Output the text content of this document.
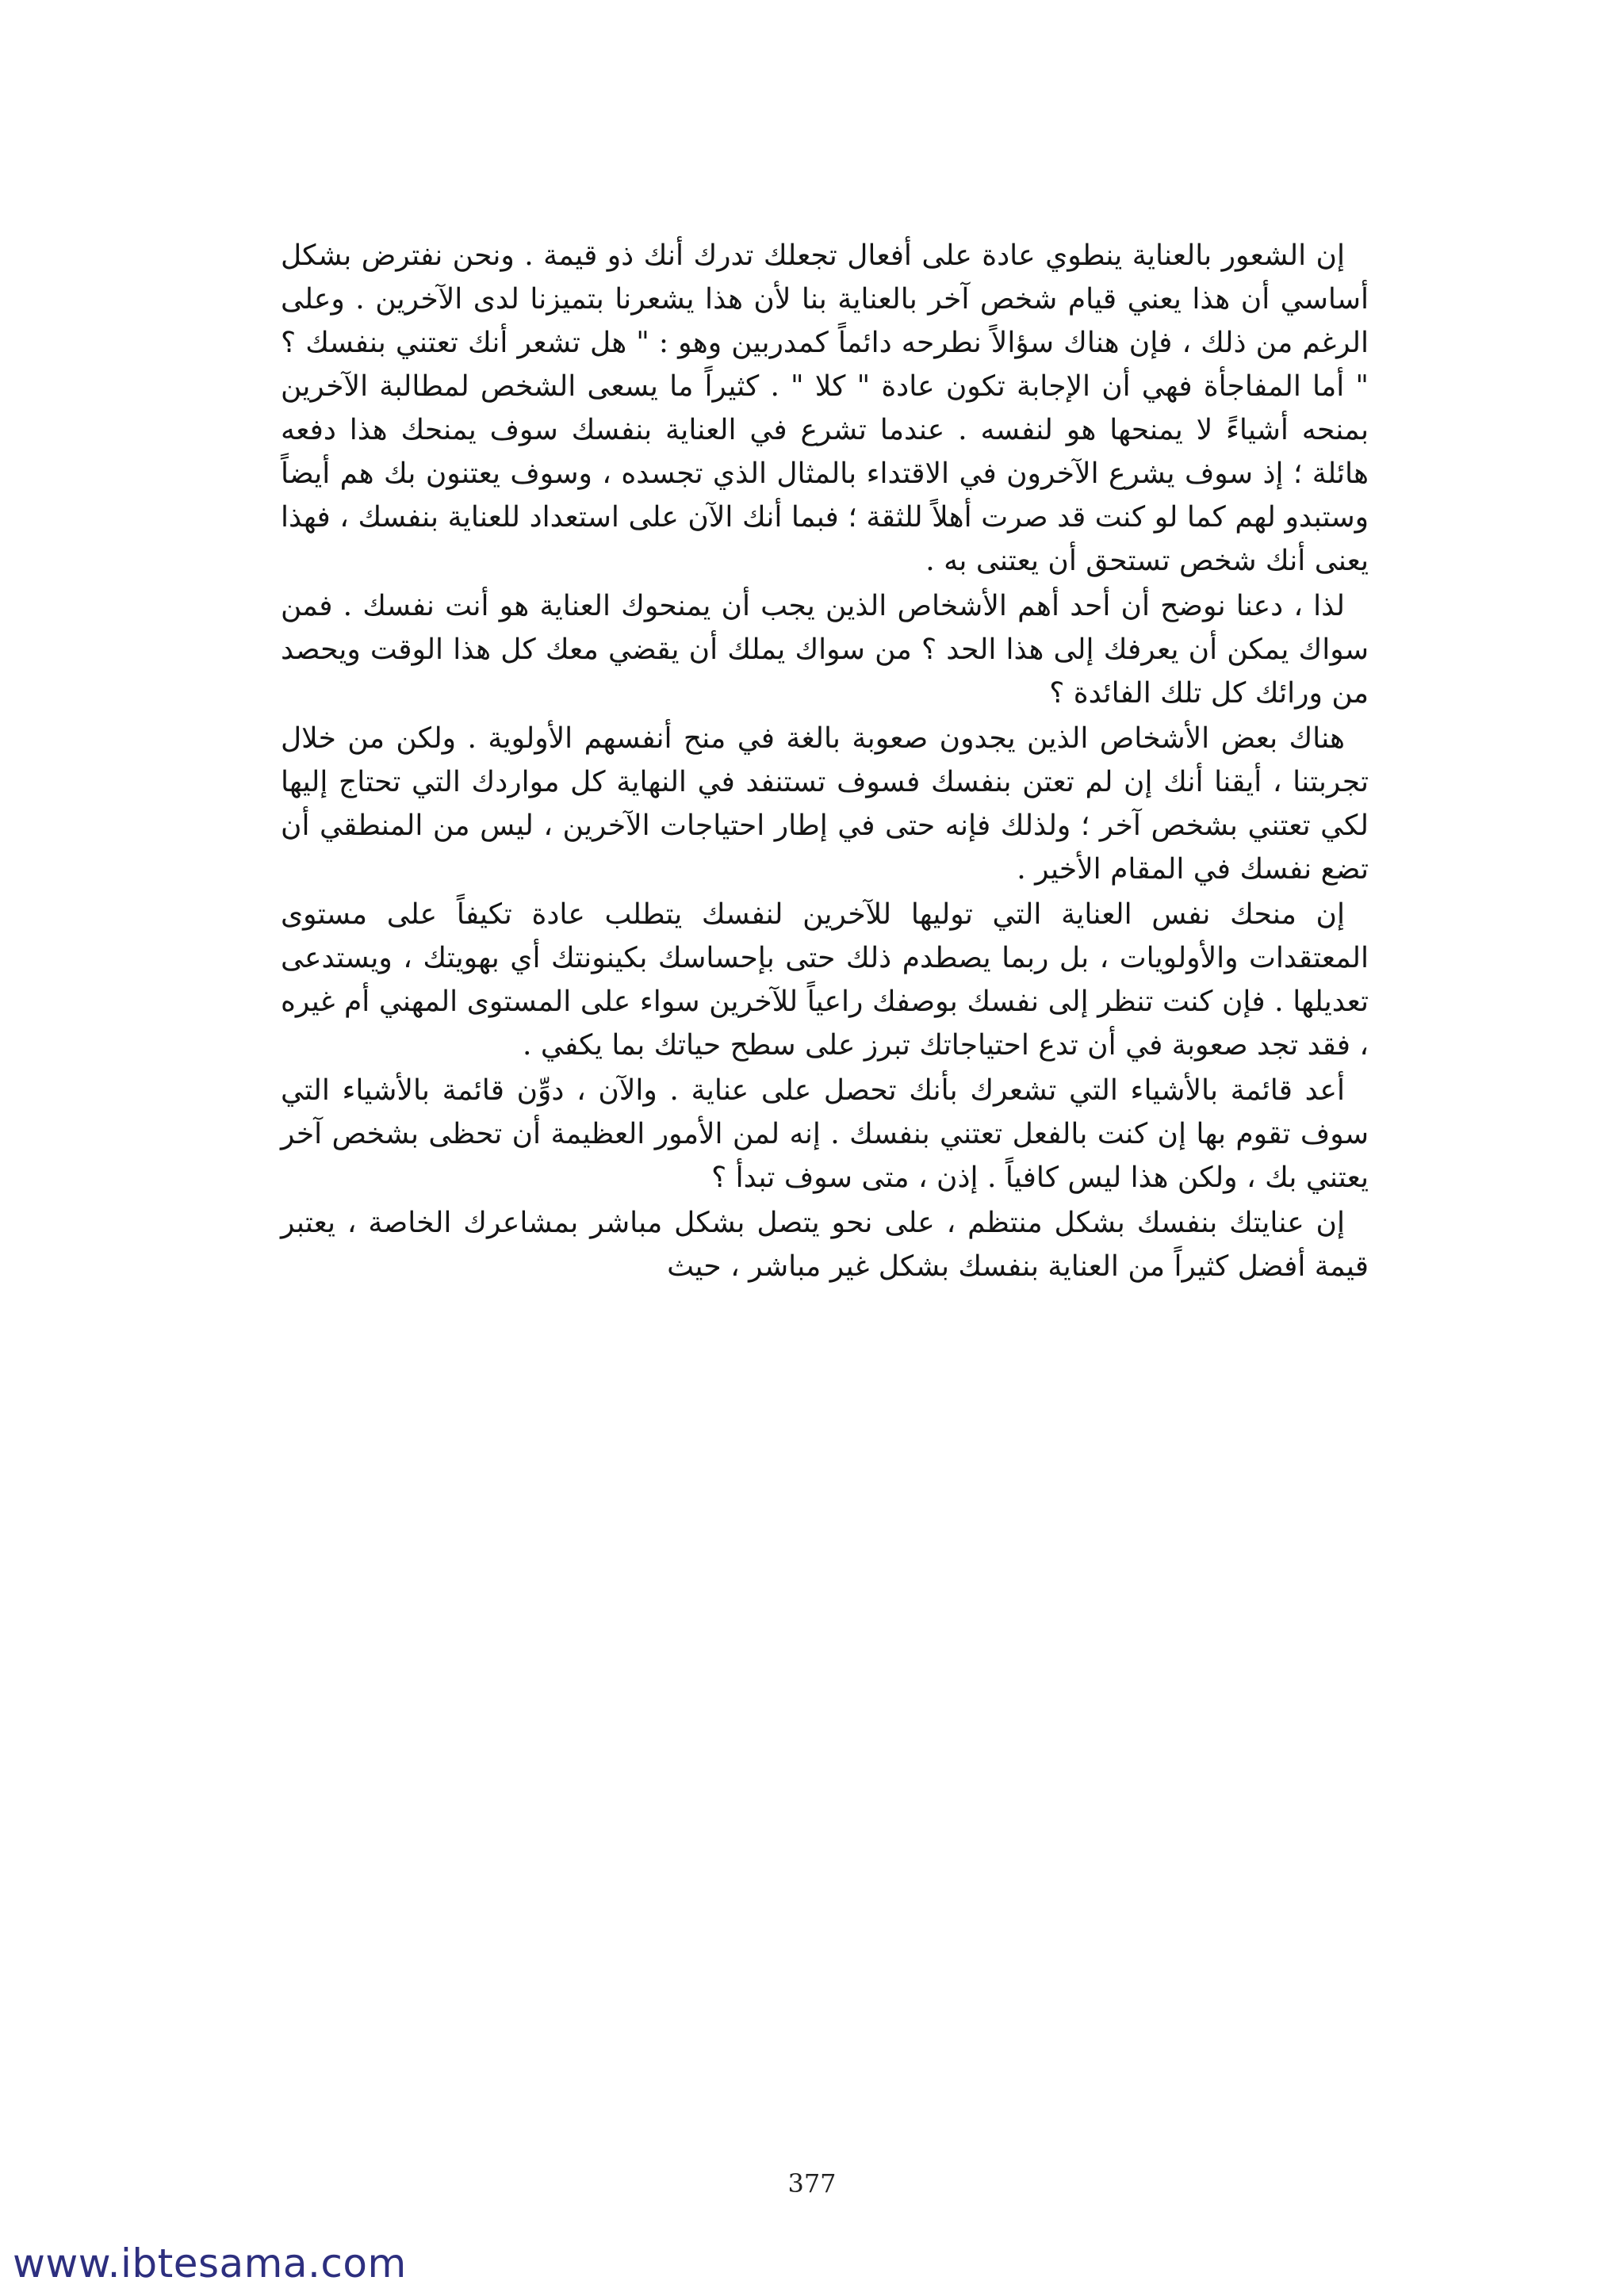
إن الشعور بالعناية ينطوي عادة على أفعال تجعلك تدرك أنك ذو قيمة . ونحن نفترض بشكل أساسي أن هذا يعني قيام شخص آخر بالعناية بنا لأن هذا يشعرنا بتميزنا لدى الآخرين . وعلى الرغم من ذلك ، فإن هناك سؤالاً نطرحه دائماً كمدربين وهو : " هل تشعر أنك تعتني بنفسك ؟ " أما المفاجأة فهي أن الإجابة تكون عادة " كلا " . كثيراً ما يسعى الشخص لمطالبة الآخرين بمنحه أشياءً لا يمنحها هو لنفسه . عندما تشرع في العناية بنفسك سوف يمنحك هذا دفعه هائلة ؛ إذ سوف يشرع الآخرون في الاقتداء بالمثال الذي تجسده ، وسوف يعتنون بك هم أيضاً وستبدو لهم كما لو كنت قد صرت أهلاً للثقة ؛ فبما أنك الآن على استعداد للعناية بنفسك ، فهذا يعنى أنك شخص تستحق أن يعتنى به .

لذا ، دعنا نوضح أن أحد أهم الأشخاص الذين يجب أن يمنحوك العناية هو أنت نفسك . فمن سواك يمكن أن يعرفك إلى هذا الحد ؟ من سواك يملك أن يقضي معك كل هذا الوقت ويحصد من ورائك كل تلك الفائدة ؟

هناك بعض الأشخاص الذين يجدون صعوبة بالغة في منح أنفسهم الأولوية . ولكن من خلال تجربتنا ، أيقنا أنك إن لم تعتن بنفسك فسوف تستنفد في النهاية كل مواردك التي تحتاج إليها لكي تعتني بشخص آخر ؛ ولذلك فإنه حتى في إطار احتياجات الآخرين ، ليس من المنطقي أن تضع نفسك في المقام الأخير .

إن منحك نفس العناية التي توليها للآخرين لنفسك يتطلب عادة تكيفاً على مستوى المعتقدات والأولويات ، بل ربما يصطدم ذلك حتى بإحساسك بكينونتك أي بهويتك ، ويستدعى تعديلها . فإن كنت تنظر إلى نفسك بوصفك راعياً للآخرين سواء على المستوى المهني أم غيره ، فقد تجد صعوبة في أن تدع احتياجاتك تبرز على سطح حياتك بما يكفي .

أعد قائمة بالأشياء التي تشعرك بأنك تحصل على عناية . والآن ، دوِّن قائمة بالأشياء التي سوف تقوم بها إن كنت بالفعل تعتني بنفسك . إنه لمن الأمور العظيمة أن تحظى بشخص آخر يعتني بك ، ولكن هذا ليس كافياً . إذن ، متى سوف تبدأ ؟

إن عنايتك بنفسك بشكل منتظم ، على نحو يتصل بشكل مباشر بمشاعرك الخاصة ، يعتبر قيمة أفضل كثيراً من العناية بنفسك بشكل غير مباشر ، حيث

377
www.ibtesama.com
